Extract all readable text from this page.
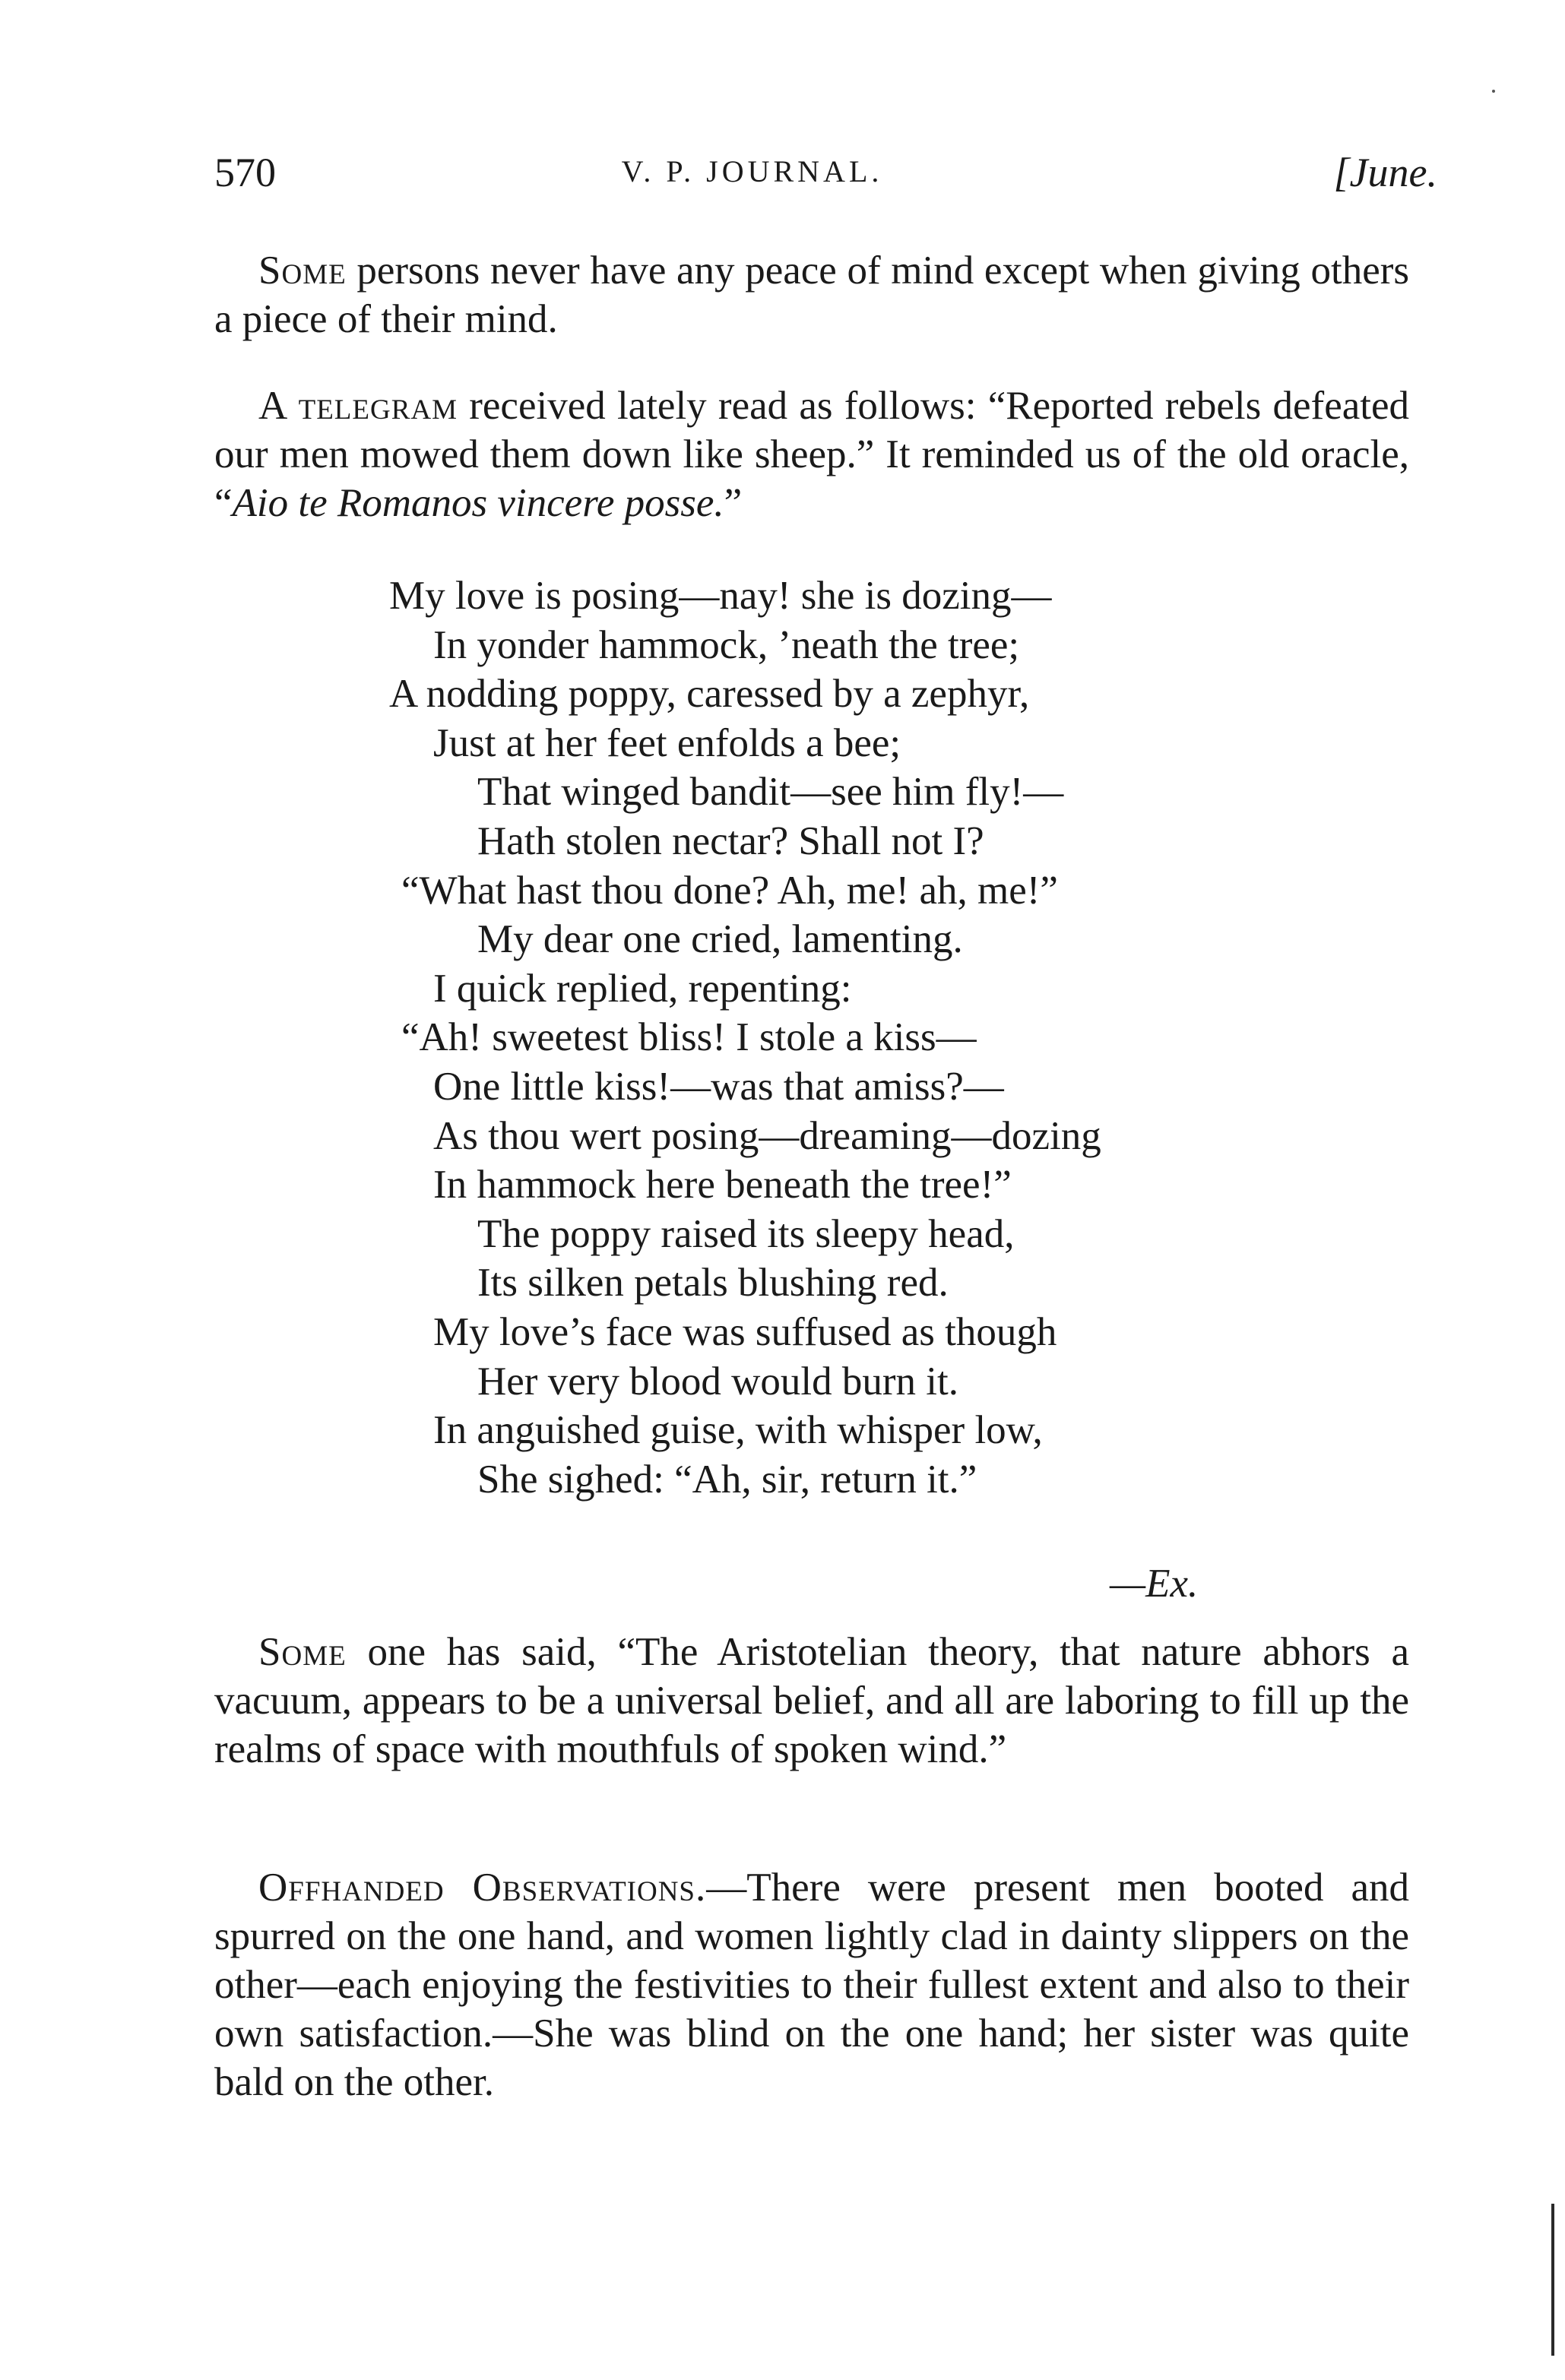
570	V. P. JOURNAL.	[June.

Some persons never have any peace of mind except when giving others a piece of their mind.

A telegram received lately read as follows: “Reported rebels defeated our men mowed them down like sheep.” It reminded us of the old oracle, “Aio te Romanos vincere posse.”

My love is posing—nay! she is dozing—
In yonder hammock, ’neath the tree;
A nodding poppy, caressed by a zephyr,
Just at her feet enfolds a bee;
That winged bandit—see him fly!—
Hath stolen nectar? Shall not I?
“What hast thou done? Ah, me! ah, me!”
My dear one cried, lamenting.
I quick replied, repenting:
“Ah! sweetest bliss! I stole a kiss—
One little kiss!—was that amiss?—
As thou wert posing—dreaming—dozing
In hammock here beneath the tree!”
The poppy raised its sleepy head,
Its silken petals blushing red.
My love’s face was suffused as though
Her very blood would burn it.
In anguished guise, with whisper low,
She sighed: “Ah, sir, return it.”
—Ex.

Some one has said, “The Aristotelian theory, that nature abhors a vacuum, appears to be a universal belief, and all are laboring to fill up the realms of space with mouthfuls of spoken wind.”

Offhanded Observations.—There were present men booted and spurred on the one hand, and women lightly clad in dainty slippers on the other—each enjoying the festivities to their fullest extent and also to their own satisfaction.—She was blind on the one hand; her sister was quite bald on the other.
